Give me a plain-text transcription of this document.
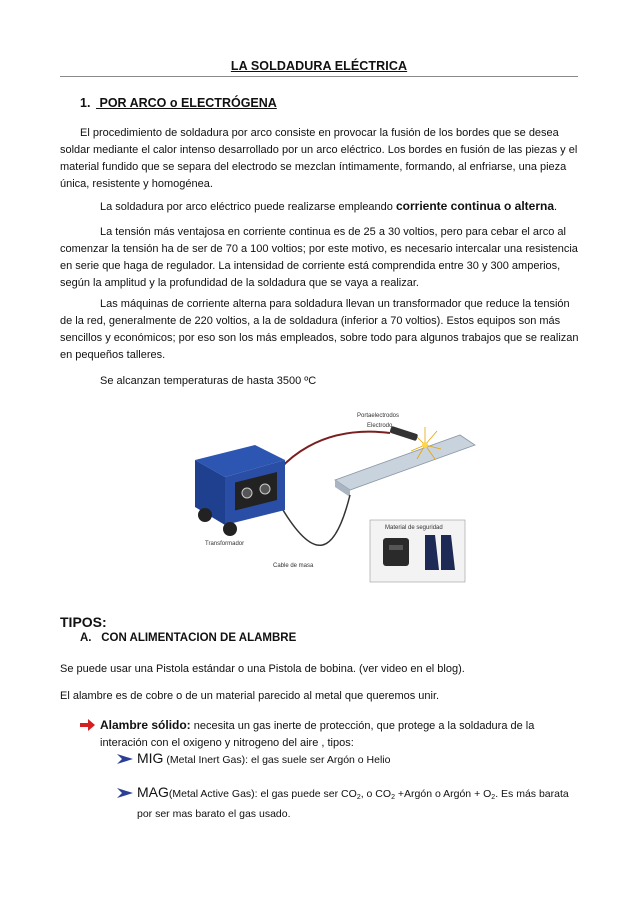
LA SOLDADURA ELÉCTRICA
1. POR ARCO o ELECTRÓGENA

El procedimiento de soldadura por arco consiste en provocar la fusión de los bordes que se desea soldar mediante el calor intenso desarrollado por un arco eléctrico. Los bordes en fusión de las piezas y el material fundido que se separa del electrodo se mezclan íntimamente, formando, al enfriarse, una pieza única, resistente y homogénea.

La soldadura por arco eléctrico puede realizarse empleando corriente continua o alterna.

La tensión más ventajosa en corriente continua es de 25 a 30 voltios, pero para cebar el arco al comenzar la tensión ha de ser de 70 a 100 voltios; por este motivo, es necesario intercalar una resistencia en serie que haga de regulador. La intensidad de corriente está comprendida entre 30 y 300 amperios, según la amplitud y la profundidad de la soldadura que se vaya a realizar.

Las máquinas de corriente alterna para soldadura llevan un transformador que reduce la tensión de la red, generalmente de 220 voltios, a la de soldadura (inferior a 70 voltios). Estos equipos son más sencillos y económicos; por eso son los más empleados, sobre todo para algunos trabajos que se realizan en pequeños talleres.

Se alcanzan temperaturas de hasta 3500 ºC

Portaelectrodos
Electrodo
Transformador
Cable de masa
Material de seguridad
TIPOS:
A. CON ALIMENTACION DE ALAMBRE
Se puede usar una Pistola estándar o una Pistola de bobina. (ver video en el blog).
El alambre es de cobre o de un material parecido al metal que queremos unir.
Alambre sólido: necesita un gas inerte de protección, que protege a la soldadura de la interación con el oxigeno y nitrogeno del aire , tipos:
MIG (Metal Inert Gas): el gas suele ser Argón o Helio
MAG(Metal Active Gas): el gas puede ser $CO_2$, o $CO_2$ +Argón o Argón + $O_2$. Es más barata por ser mas barato el gas usado.
